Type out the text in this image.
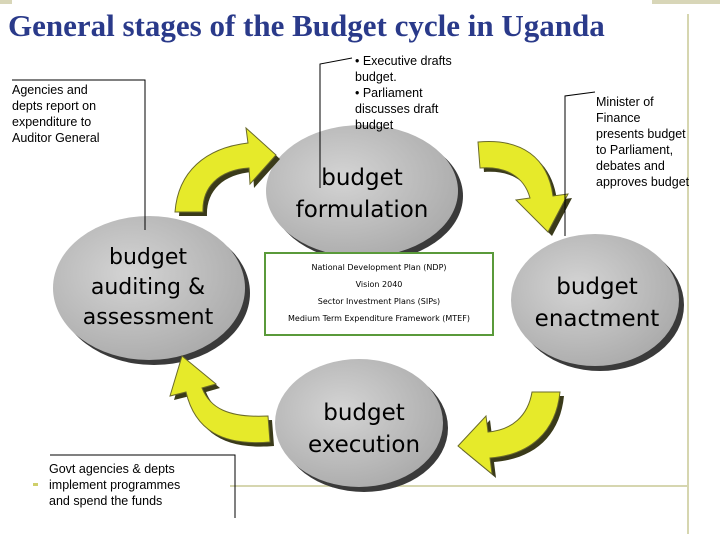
General stages of the Budget cycle in Uganda
Agencies and
depts report on
expenditure to
Auditor General
• Executive drafts
budget.
• Parliament
discusses draft
budget
Minister of
Finance
presents budget
to Parliament,
debates and
approves budget
Govt agencies & depts
implement programmes
and spend the funds
budget
formulation
budget
enactment
budget
execution
budget
auditing &
assessment
National Development Plan (NDP)
Vision 2040
Sector Investment Plans (SIPs)
Medium Term Expenditure Framework (MTEF)
